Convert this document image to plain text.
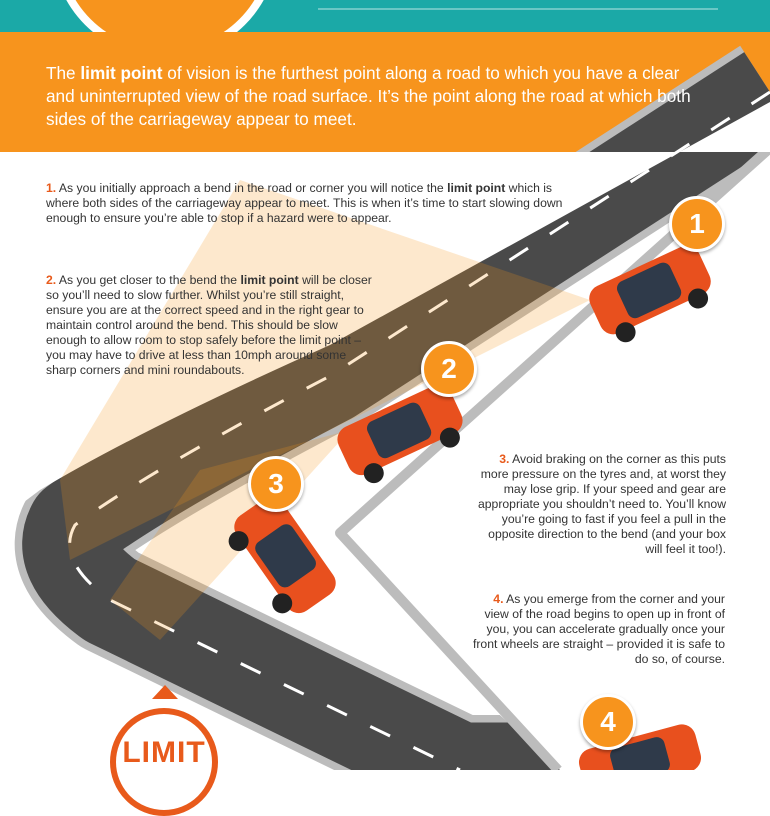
The limit point of vision is the furthest point along a road to which you have a clear and uninterrupted view of the road surface. It’s the point along the road at which both sides of the carriageway appear to meet.

1. As you initially approach a bend in the road or corner you will notice the limit point which is where both sides of the carriageway appear to meet. This is when it’s time to start slowing down enough to ensure you’re able to stop if a hazard were to appear.

2. As you get closer to the bend the limit point will be closer so you’ll need to slow further. Whilst you’re still straight, ensure you are at the correct speed and in the right gear to maintain control around the bend. This should be slow enough to allow room to stop safely before the limit point – you may have to drive at less than 10mph around some sharp corners and mini roundabouts.

3. Avoid braking on the corner as this puts more pressure on the tyres and, at worst they may lose grip. If your speed and gear are appropriate you shouldn’t need to. You’ll know you’re going to fast if you feel a pull in the opposite direction to the bend (and your box will feel it too!).

4. As you emerge from the corner and your view of the road begins to open up in front of you, you can accelerate gradually once your front wheels are straight – provided it is safe to do so, of course.

1
2
3
4
LIMIT
